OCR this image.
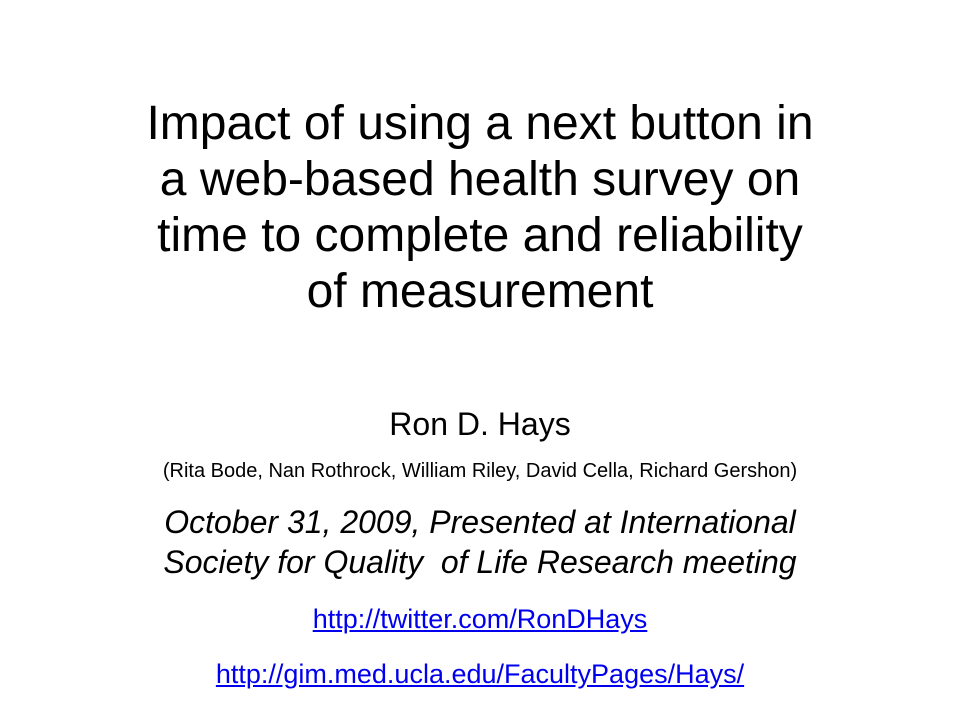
Impact of using a next button in
a web-based health survey on
time to complete and reliability
of measurement
Ron D. Hays
(Rita Bode, Nan Rothrock, William Riley, David Cella, Richard Gershon)
October 31, 2009, Presented at International
Society for Quality  of Life Research meeting
http://twitter.com/RonDHays
http://gim.med.ucla.edu/FacultyPages/Hays/
